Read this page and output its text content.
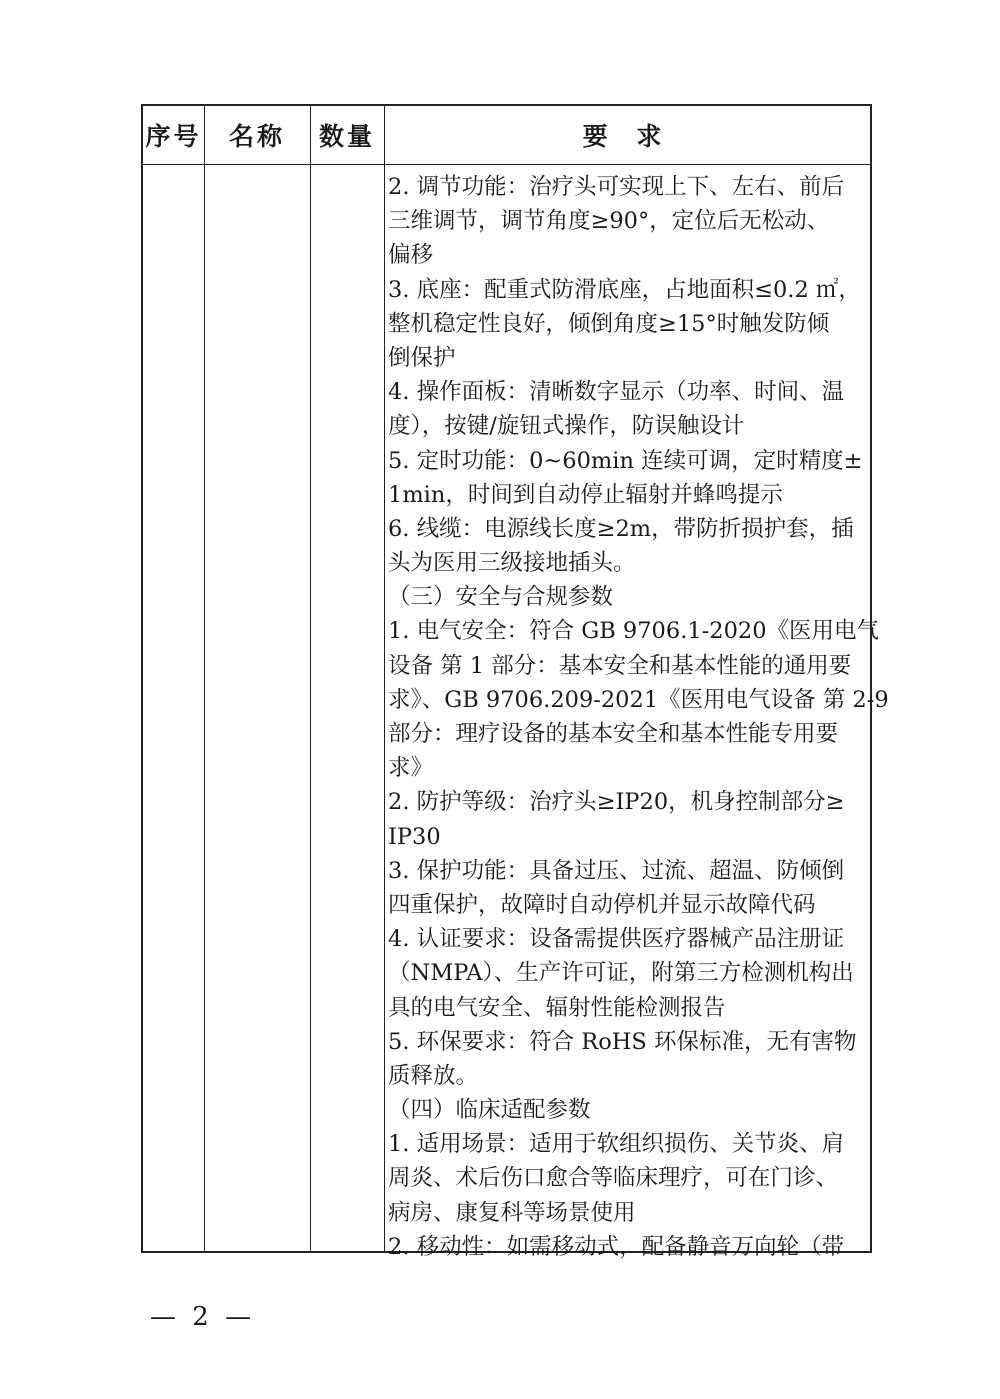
序号	名称	数量	要 求
2. 调节功能：治疗头可实现上下、左右、前后
三维调节，调节角度≥90°，定位后无松动、
偏移
3. 底座：配重式防滑底座，占地面积≤0.2 ㎡，
整机稳定性良好，倾倒角度≥15°时触发防倾
倒保护
4. 操作面板：清晰数字显示（功率、时间、温
度），按键/旋钮式操作，防误触设计
5. 定时功能：0~60min 连续可调，定时精度±
1min，时间到自动停止辐射并蜂鸣提示
6. 线缆：电源线长度≥2m，带防折损护套，插
头为医用三级接地插头。
（三）安全与合规参数
1. 电气安全：符合 GB 9706.1-2020《医用电气
设备 第 1 部分：基本安全和基本性能的通用要
求》、GB 9706.209-2021《医用电气设备 第 2-9
部分：理疗设备的基本安全和基本性能专用要
求》
2. 防护等级：治疗头≥IP20，机身控制部分≥
IP30
3. 保护功能：具备过压、过流、超温、防倾倒
四重保护，故障时自动停机并显示故障代码
4. 认证要求：设备需提供医疗器械产品注册证
（NMPA）、生产许可证，附第三方检测机构出
具的电气安全、辐射性能检测报告
5. 环保要求：符合 RoHS 环保标准，无有害物
质释放。
（四）临床适配参数
1. 适用场景：适用于软组织损伤、关节炎、肩
周炎、术后伤口愈合等临床理疗，可在门诊、
病房、康复科等场景使用
2. 移动性：如需移动式，配备静音万向轮（带
— 2 —
